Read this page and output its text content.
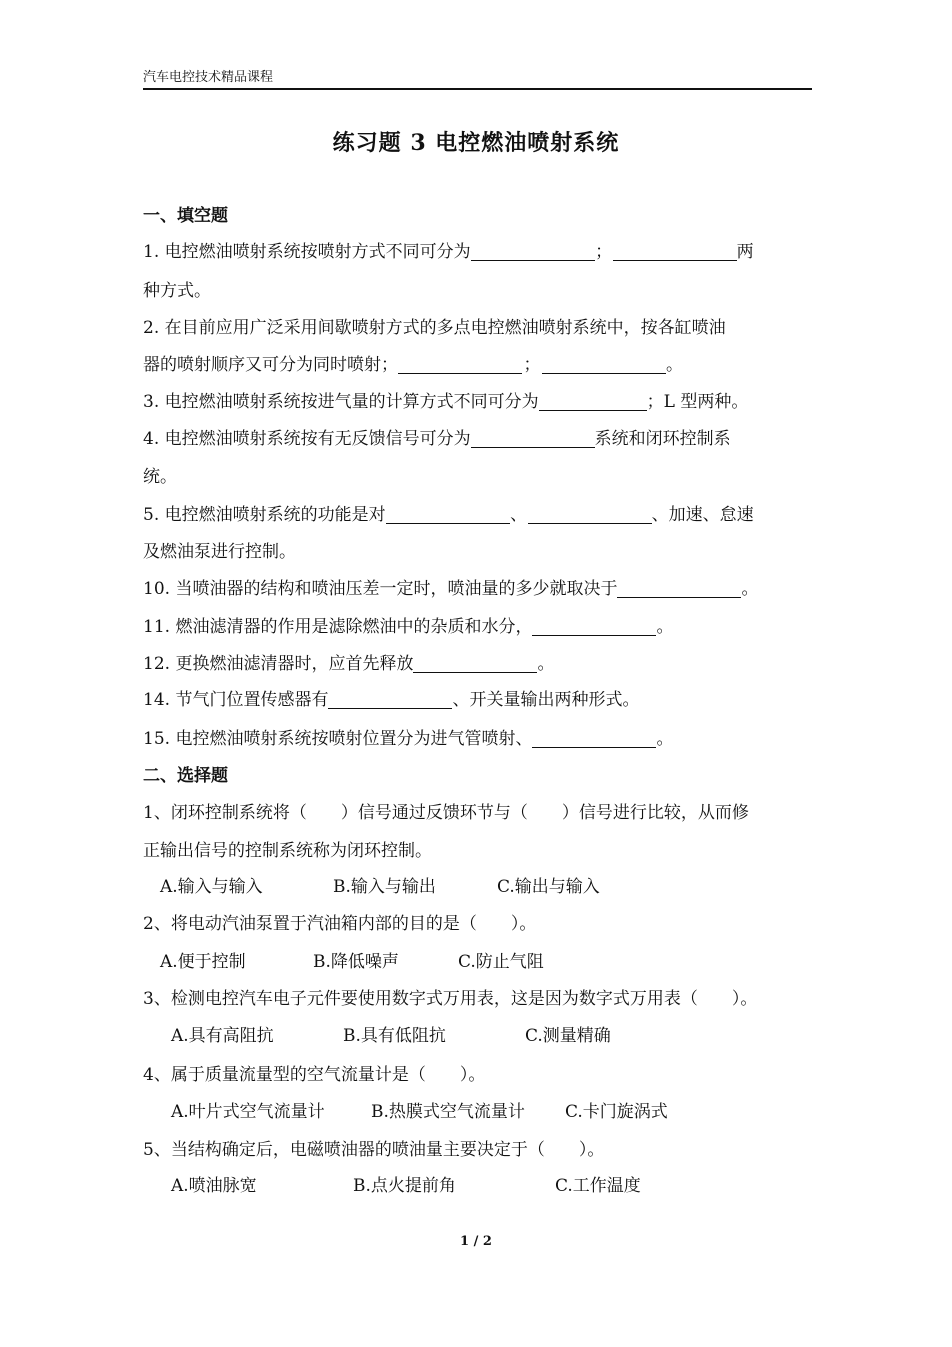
汽车电控技术精品课程
练习题 3 电控燃油喷射系统
一、填空题
1. 电控燃油喷射系统按喷射方式不同可分为	；	两
种方式。
2. 在目前应用广泛采用间歇喷射方式的多点电控燃油喷射系统中，按各缸喷油
器的喷射顺序又可分为同时喷射；	；	。
3. 电控燃油喷射系统按进气量的计算方式不同可分为	；L 型两种。
4. 电控燃油喷射系统按有无反馈信号可分为	系统和闭环控制系
统。
5. 电控燃油喷射系统的功能是对	、	、加速、怠速
及燃油泵进行控制。
10. 当喷油器的结构和喷油压差一定时，喷油量的多少就取决于	。
11. 燃油滤清器的作用是滤除燃油中的杂质和水分，	。
12. 更换燃油滤清器时，应首先释放	。
14. 节气门位置传感器有	、开关量输出两种形式。
15. 电控燃油喷射系统按喷射位置分为进气管喷射、	。
二、选择题
1、闭环控制系统将（　　）信号通过反馈环节与（　　）信号进行比较，从而修
正输出信号的控制系统称为闭环控制。
A.输入与输入	B.输入与输出	C.输出与输入
2、将电动汽油泵置于汽油箱内部的目的是（　　）。
A.便于控制	B.降低噪声	C.防止气阻
3、检测电控汽车电子元件要使用数字式万用表，这是因为数字式万用表（　　）。
A.具有高阻抗	B.具有低阻抗	C.测量精确
4、属于质量流量型的空气流量计是（　　）。
A.叶片式空气流量计	B.热膜式空气流量计 C.卡门旋涡式
5、当结构确定后，电磁喷油器的喷油量主要决定于（　　）。
A.喷油脉宽	B.点火提前角	C.工作温度
1 / 2
